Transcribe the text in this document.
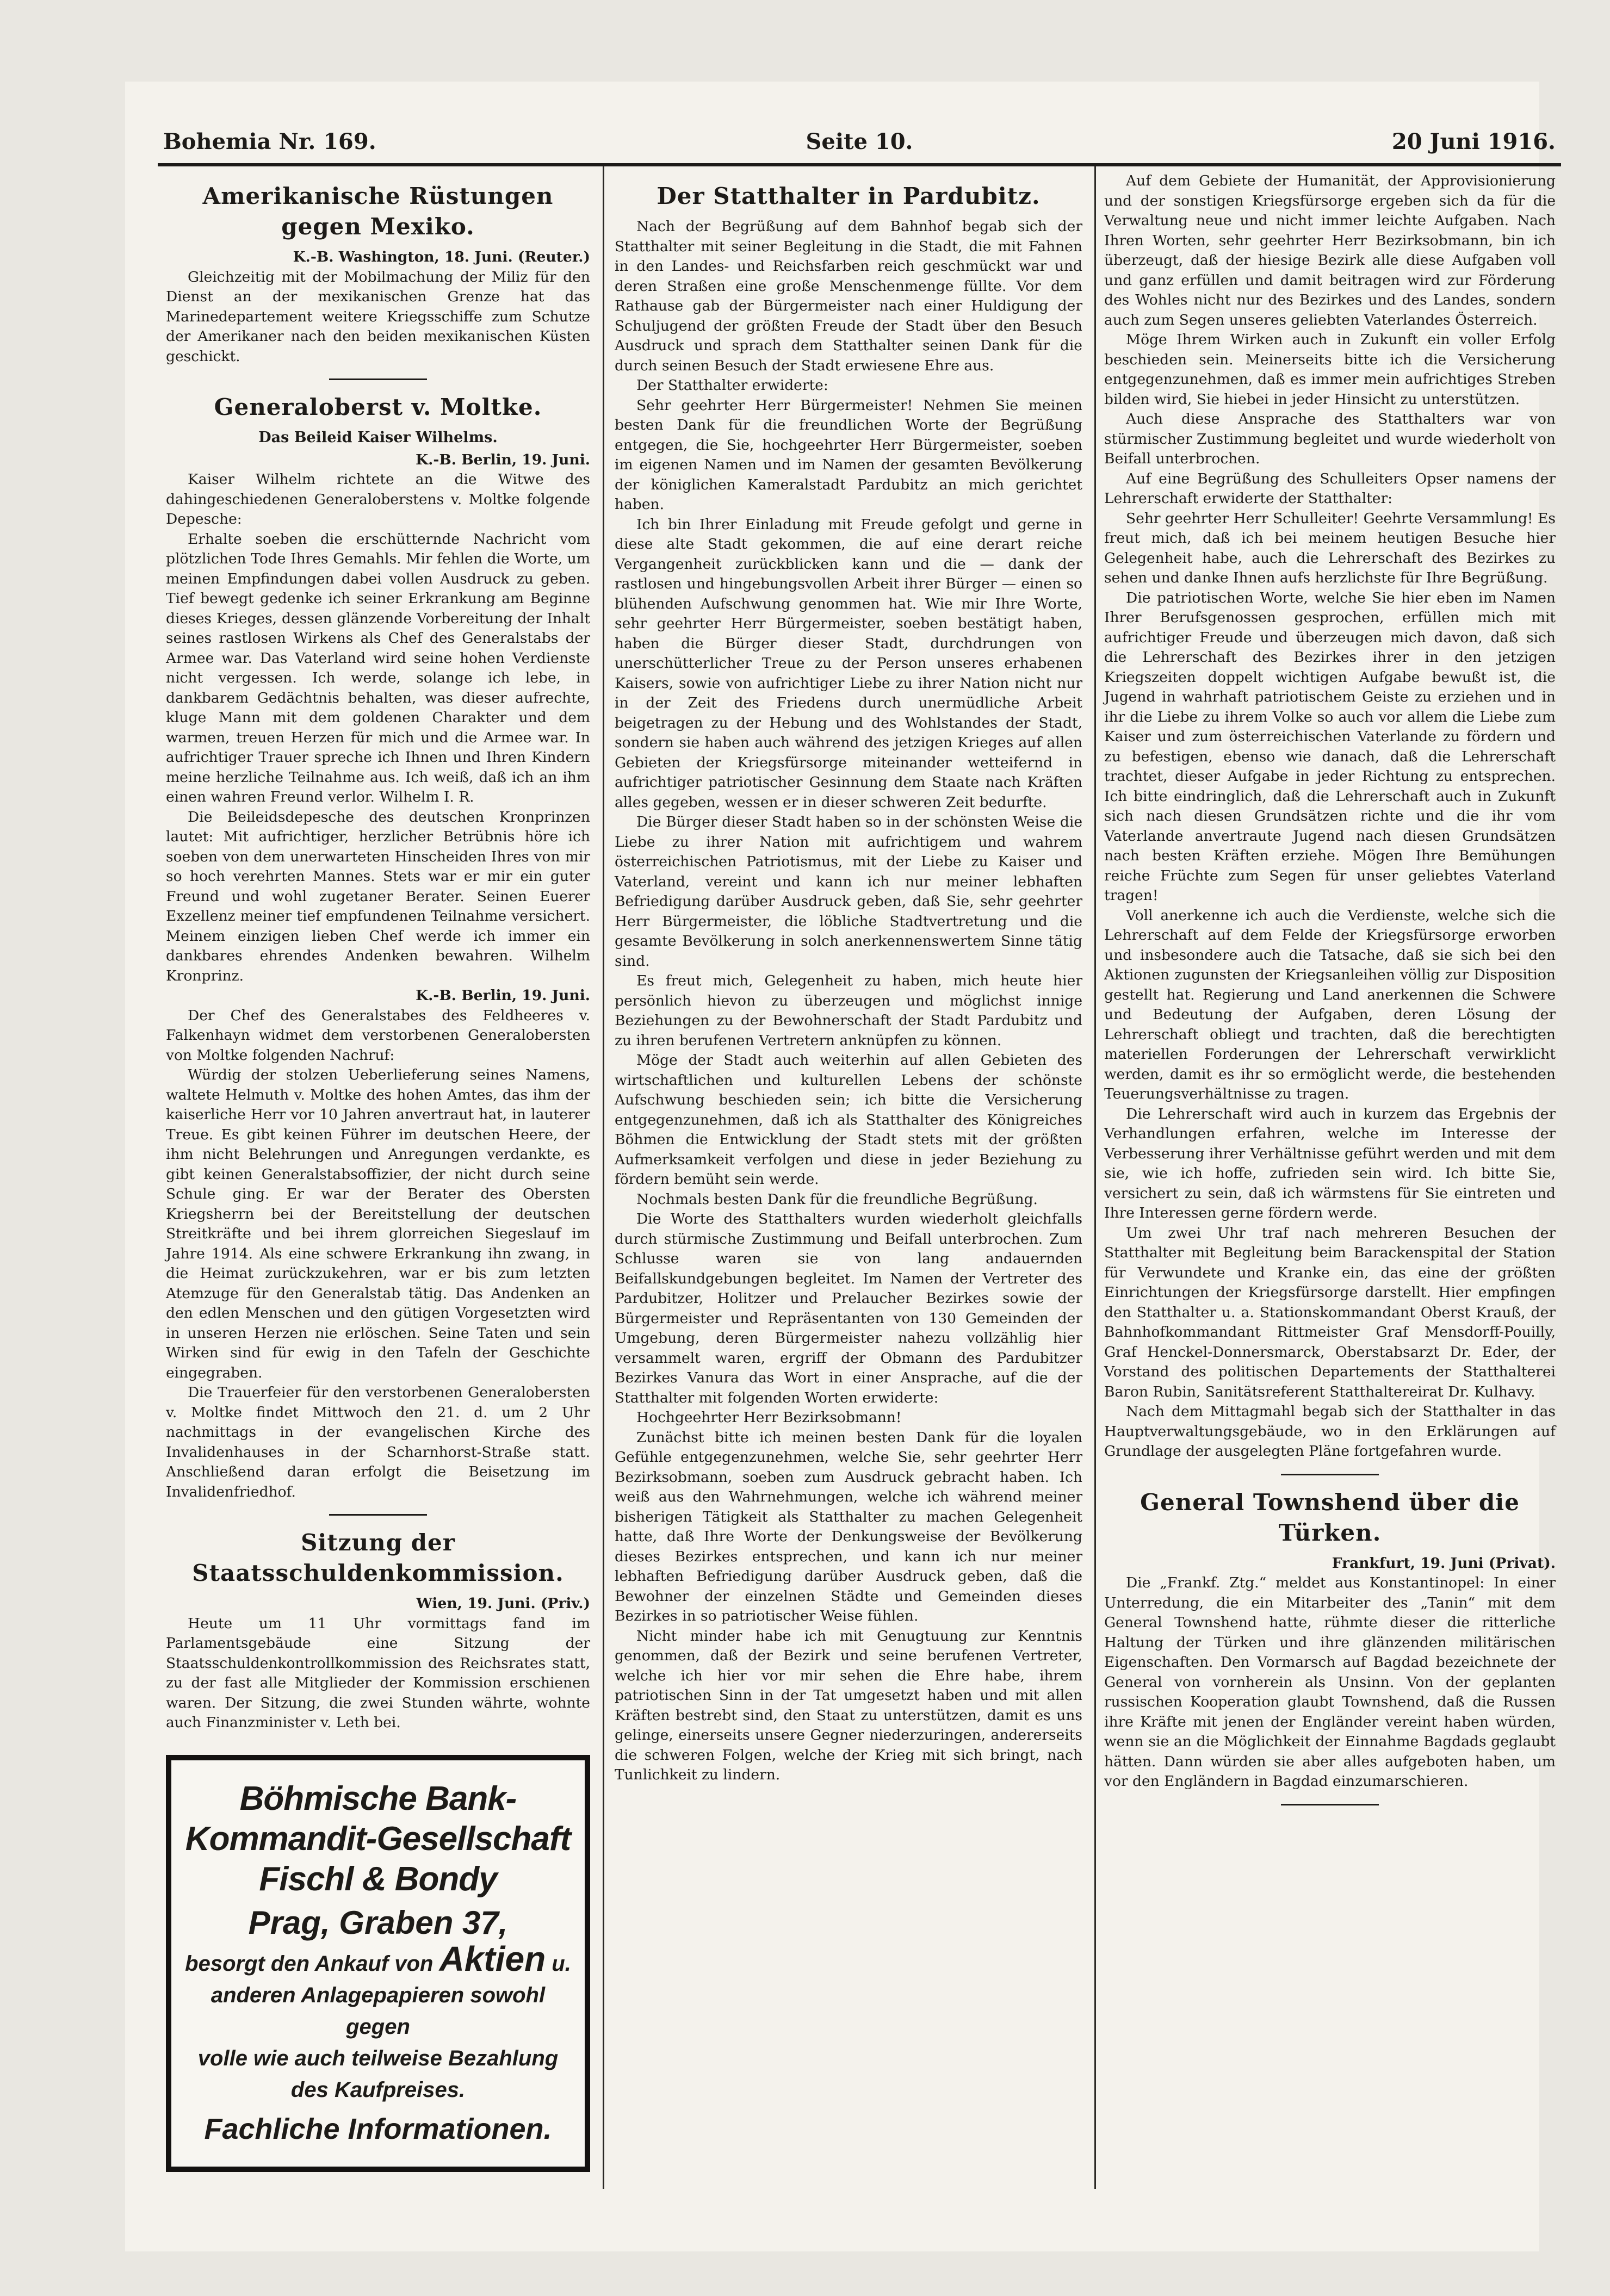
Bohemia Nr. 169.	Seite 10.	20 Juni 1916.
Amerikanische Rüstungen gegen Mexiko.
K.-B. Washington, 18. Juni. (Reuter.)

Gleichzeitig mit der Mobilmachung der Miliz für den Dienst an der mexikanischen Grenze hat das Marinedepartement weitere Kriegsschiffe zum Schutze der Amerikaner nach den beiden mexikanischen Küsten geschickt.

Generaloberst v. Moltke.
Das Beileid Kaiser Wilhelms.
K.-B. Berlin, 19. Juni.

Kaiser Wilhelm richtete an die Witwe des dahingeschiedenen Generaloberstens v. Moltke folgende Depesche:

Erhalte soeben die erschütternde Nachricht vom plötzlichen Tode Ihres Gemahls. Mir fehlen die Worte, um meinen Empfindungen dabei vollen Ausdruck zu geben. Tief bewegt gedenke ich seiner Erkrankung am Beginne dieses Krieges, dessen glänzende Vorbereitung der Inhalt seines rastlosen Wirkens als Chef des Generalstabs der Armee war. Das Vaterland wird seine hohen Verdienste nicht vergessen. Ich werde, solange ich lebe, in dankbarem Gedächtnis behalten, was dieser aufrechte, kluge Mann mit dem goldenen Charakter und dem warmen, treuen Herzen für mich und die Armee war. In aufrichtiger Trauer spreche ich Ihnen und Ihren Kindern meine herzliche Teilnahme aus. Ich weiß, daß ich an ihm einen wahren Freund verlor. Wilhelm I. R.

Die Beileidsdepesche des deutschen Kronprinzen lautet: Mit aufrichtiger, herzlicher Betrübnis höre ich soeben von dem unerwarteten Hinscheiden Ihres von mir so hoch verehrten Mannes. Stets war er mir ein guter Freund und wohl zugetaner Berater. Seinen Euerer Exzellenz meiner tief empfundenen Teilnahme versichert. Meinem einzigen lieben Chef werde ich immer ein dankbares ehrendes Andenken bewahren. Wilhelm Kronprinz.

K.-B. Berlin, 19. Juni.

Der Chef des Generalstabes des Feldheeres v. Falkenhayn widmet dem verstorbenen Generalobersten von Moltke folgenden Nachruf:

Würdig der stolzen Ueberlieferung seines Namens, waltete Helmuth v. Moltke des hohen Amtes, das ihm der kaiserliche Herr vor 10 Jahren anvertraut hat, in lauterer Treue. Es gibt keinen Führer im deutschen Heere, der ihm nicht Belehrungen und Anregungen verdankte, es gibt keinen Generalstabsoffizier, der nicht durch seine Schule ging. Er war der Berater des Obersten Kriegsherrn bei der Bereitstellung der deutschen Streitkräfte und bei ihrem glorreichen Siegeslauf im Jahre 1914. Als eine schwere Erkrankung ihn zwang, in die Heimat zurückzukehren, war er bis zum letzten Atemzuge für den Generalstab tätig. Das Andenken an den edlen Menschen und den gütigen Vorgesetzten wird in unseren Herzen nie erlöschen. Seine Taten und sein Wirken sind für ewig in den Tafeln der Geschichte eingegraben.

Die Trauerfeier für den verstorbenen Generalobersten v. Moltke findet Mittwoch den 21. d. um 2 Uhr nachmittags in der evangelischen Kirche des Invalidenhauses in der Scharnhorst-Straße statt. Anschließend daran erfolgt die Beisetzung im Invalidenfriedhof.

Sitzung der Staatsschuldenkommission.
Wien, 19. Juni. (Priv.)

Heute um 11 Uhr vormittags fand im Parlamentsgebäude eine Sitzung der Staatsschuldenkontrollkommission des Reichsrates statt, zu der fast alle Mitglieder der Kommission erschienen waren. Der Sitzung, die zwei Stunden währte, wohnte auch Finanzminister v. Leth bei.

Böhmische Bank-Kommandit-Gesellschaft Fischl & Bondy
Prag, Graben 37,
besorgt den Ankauf von Aktien u.
anderen Anlagepapieren sowohl gegen
volle wie auch teilweise Bezahlung des Kaufpreises.
Fachliche Informationen.
Der Statthalter in Pardubitz.

Nach der Begrüßung auf dem Bahnhof begab sich der Statthalter mit seiner Begleitung in die Stadt, die mit Fahnen in den Landes- und Reichsfarben reich geschmückt war und deren Straßen eine große Menschenmenge füllte. Vor dem Rathause gab der Bürgermeister nach einer Huldigung der Schuljugend der größten Freude der Stadt über den Besuch Ausdruck und sprach dem Statthalter seinen Dank für die durch seinen Besuch der Stadt erwiesene Ehre aus.

Der Statthalter erwiderte:

Sehr geehrter Herr Bürgermeister! Nehmen Sie meinen besten Dank für die freundlichen Worte der Begrüßung entgegen, die Sie, hochgeehrter Herr Bürgermeister, soeben im eigenen Namen und im Namen der gesamten Bevölkerung der königlichen Kameralstadt Pardubitz an mich gerichtet haben.

Ich bin Ihrer Einladung mit Freude gefolgt und gerne in diese alte Stadt gekommen, die auf eine derart reiche Vergangenheit zurückblicken kann und die — dank der rastlosen und hingebungsvollen Arbeit ihrer Bürger — einen so blühenden Aufschwung genommen hat. Wie mir Ihre Worte, sehr geehrter Herr Bürgermeister, soeben bestätigt haben, haben die Bürger dieser Stadt, durchdrungen von unerschütterlicher Treue zu der Person unseres erhabenen Kaisers, sowie von aufrichtiger Liebe zu ihrer Nation nicht nur in der Zeit des Friedens durch unermüdliche Arbeit beigetragen zu der Hebung und des Wohlstandes der Stadt, sondern sie haben auch während des jetzigen Krieges auf allen Gebieten der Kriegsfürsorge miteinander wetteifernd in aufrichtiger patriotischer Gesinnung dem Staate nach Kräften alles gegeben, wessen er in dieser schweren Zeit bedurfte.

Die Bürger dieser Stadt haben so in der schönsten Weise die Liebe zu ihrer Nation mit aufrichtigem und wahrem österreichischen Patriotismus, mit der Liebe zu Kaiser und Vaterland, vereint und kann ich nur meiner lebhaften Befriedigung darüber Ausdruck geben, daß Sie, sehr geehrter Herr Bürgermeister, die löbliche Stadtvertretung und die gesamte Bevölkerung in solch anerkennenswertem Sinne tätig sind.

Es freut mich, Gelegenheit zu haben, mich heute hier persönlich hievon zu überzeugen und möglichst innige Beziehungen zu der Bewohnerschaft der Stadt Pardubitz und zu ihren berufenen Vertretern anknüpfen zu können.

Möge der Stadt auch weiterhin auf allen Gebieten des wirtschaftlichen und kulturellen Lebens der schönste Aufschwung beschieden sein; ich bitte die Versicherung entgegenzunehmen, daß ich als Statthalter des Königreiches Böhmen die Entwicklung der Stadt stets mit der größten Aufmerksamkeit verfolgen und diese in jeder Beziehung zu fördern bemüht sein werde.

Nochmals besten Dank für die freundliche Begrüßung.

Die Worte des Statthalters wurden wiederholt gleichfalls durch stürmische Zustimmung und Beifall unterbrochen. Zum Schlusse waren sie von lang andauernden Beifallskundgebungen begleitet. Im Namen der Vertreter des Pardubitzer, Holitzer und Prelaucher Bezirkes sowie der Bürgermeister und Repräsentanten von 130 Gemeinden der Umgebung, deren Bürgermeister nahezu vollzählig hier versammelt waren, ergriff der Obmann des Pardubitzer Bezirkes Vanura das Wort in einer Ansprache, auf die der Statthalter mit folgenden Worten erwiderte:

Hochgeehrter Herr Bezirksobmann!

Zunächst bitte ich meinen besten Dank für die loyalen Gefühle entgegenzunehmen, welche Sie, sehr geehrter Herr Bezirksobmann, soeben zum Ausdruck gebracht haben. Ich weiß aus den Wahrnehmungen, welche ich während meiner bisherigen Tätigkeit als Statthalter zu machen Gelegenheit hatte, daß Ihre Worte der Denkungsweise der Bevölkerung dieses Bezirkes entsprechen, und kann ich nur meiner lebhaften Befriedigung darüber Ausdruck geben, daß die Bewohner der einzelnen Städte und Gemeinden dieses Bezirkes in so patriotischer Weise fühlen.

Nicht minder habe ich mit Genugtuung zur Kenntnis genommen, daß der Bezirk und seine berufenen Vertreter, welche ich hier vor mir sehen die Ehre habe, ihrem patriotischen Sinn in der Tat umgesetzt haben und mit allen Kräften bestrebt sind, den Staat zu unterstützen, damit es uns gelinge, einerseits unsere Gegner niederzuringen, andererseits die schweren Folgen, welche der Krieg mit sich bringt, nach Tunlichkeit zu lindern.

Auf dem Gebiete der Humanität, der Approvisionierung und der sonstigen Kriegsfürsorge ergeben sich da für die Verwaltung neue und nicht immer leichte Aufgaben. Nach Ihren Worten, sehr geehrter Herr Bezirksobmann, bin ich überzeugt, daß der hiesige Bezirk alle diese Aufgaben voll und ganz erfüllen und damit beitragen wird zur Förderung des Wohles nicht nur des Bezirkes und des Landes, sondern auch zum Segen unseres geliebten Vaterlandes Österreich.

Möge Ihrem Wirken auch in Zukunft ein voller Erfolg beschieden sein. Meinerseits bitte ich die Versicherung entgegenzunehmen, daß es immer mein aufrichtiges Streben bilden wird, Sie hiebei in jeder Hinsicht zu unterstützen.

Auch diese Ansprache des Statthalters war von stürmischer Zustimmung begleitet und wurde wiederholt von Beifall unterbrochen.

Auf eine Begrüßung des Schulleiters Opser namens der Lehrerschaft erwiderte der Statthalter:

Sehr geehrter Herr Schulleiter! Geehrte Versammlung! Es freut mich, daß ich bei meinem heutigen Besuche hier Gelegenheit habe, auch die Lehrerschaft des Bezirkes zu sehen und danke Ihnen aufs herzlichste für Ihre Begrüßung.

Die patriotischen Worte, welche Sie hier eben im Namen Ihrer Berufsgenossen gesprochen, erfüllen mich mit aufrichtiger Freude und überzeugen mich davon, daß sich die Lehrerschaft des Bezirkes ihrer in den jetzigen Kriegszeiten doppelt wichtigen Aufgabe bewußt ist, die Jugend in wahrhaft patriotischem Geiste zu erziehen und in ihr die Liebe zu ihrem Volke so auch vor allem die Liebe zum Kaiser und zum österreichischen Vaterlande zu fördern und zu befestigen, ebenso wie danach, daß die Lehrerschaft trachtet, dieser Aufgabe in jeder Richtung zu entsprechen. Ich bitte eindringlich, daß die Lehrerschaft auch in Zukunft sich nach diesen Grundsätzen richte und die ihr vom Vaterlande anvertraute Jugend nach diesen Grundsätzen nach besten Kräften erziehe. Mögen Ihre Bemühungen reiche Früchte zum Segen für unser geliebtes Vaterland tragen!

Voll anerkenne ich auch die Verdienste, welche sich die Lehrerschaft auf dem Felde der Kriegsfürsorge erworben und insbesondere auch die Tatsache, daß sie sich bei den Aktionen zugunsten der Kriegsanleihen völlig zur Disposition gestellt hat. Regierung und Land anerkennen die Schwere und Bedeutung der Aufgaben, deren Lösung der Lehrerschaft obliegt und trachten, daß die berechtigten materiellen Forderungen der Lehrerschaft verwirklicht werden, damit es ihr so ermöglicht werde, die bestehenden Teuerungsverhältnisse zu tragen.

Die Lehrerschaft wird auch in kurzem das Ergebnis der Verhandlungen erfahren, welche im Interesse der Verbesserung ihrer Verhältnisse geführt werden und mit dem sie, wie ich hoffe, zufrieden sein wird. Ich bitte Sie, versichert zu sein, daß ich wärmstens für Sie eintreten und Ihre Interessen gerne fördern werde.

Um zwei Uhr traf nach mehreren Besuchen der Statthalter mit Begleitung beim Barackenspital der Station für Verwundete und Kranke ein, das eine der größten Einrichtungen der Kriegsfürsorge darstellt. Hier empfingen den Statthalter u. a. Stationskommandant Oberst Krauß, der Bahnhofkommandant Rittmeister Graf Mensdorff-Pouilly, Graf Henckel-Donnersmarck, Oberstabsarzt Dr. Eder, der Vorstand des politischen Departements der Statthalterei Baron Rubin, Sanitätsreferent Statthaltereirat Dr. Kulhavy.

Nach dem Mittagmahl begab sich der Statthalter in das Hauptverwaltungsgebäude, wo in den Erklärungen auf Grundlage der ausgelegten Pläne fortgefahren wurde.

General Townshend über die Türken.
Frankfurt, 19. Juni (Privat).

Die „Frankf. Ztg.“ meldet aus Konstantinopel: In einer Unterredung, die ein Mitarbeiter des „Tanin“ mit dem General Townshend hatte, rühmte dieser die ritterliche Haltung der Türken und ihre glänzenden militärischen Eigenschaften. Den Vormarsch auf Bagdad bezeichnete der General von vornherein als Unsinn. Von der geplanten russischen Kooperation glaubt Townshend, daß die Russen ihre Kräfte mit jenen der Engländer vereint haben würden, wenn sie an die Möglichkeit der Einnahme Bagdads geglaubt hätten. Dann würden sie aber alles aufgeboten haben, um vor den Engländern in Bagdad einzumarschieren.
